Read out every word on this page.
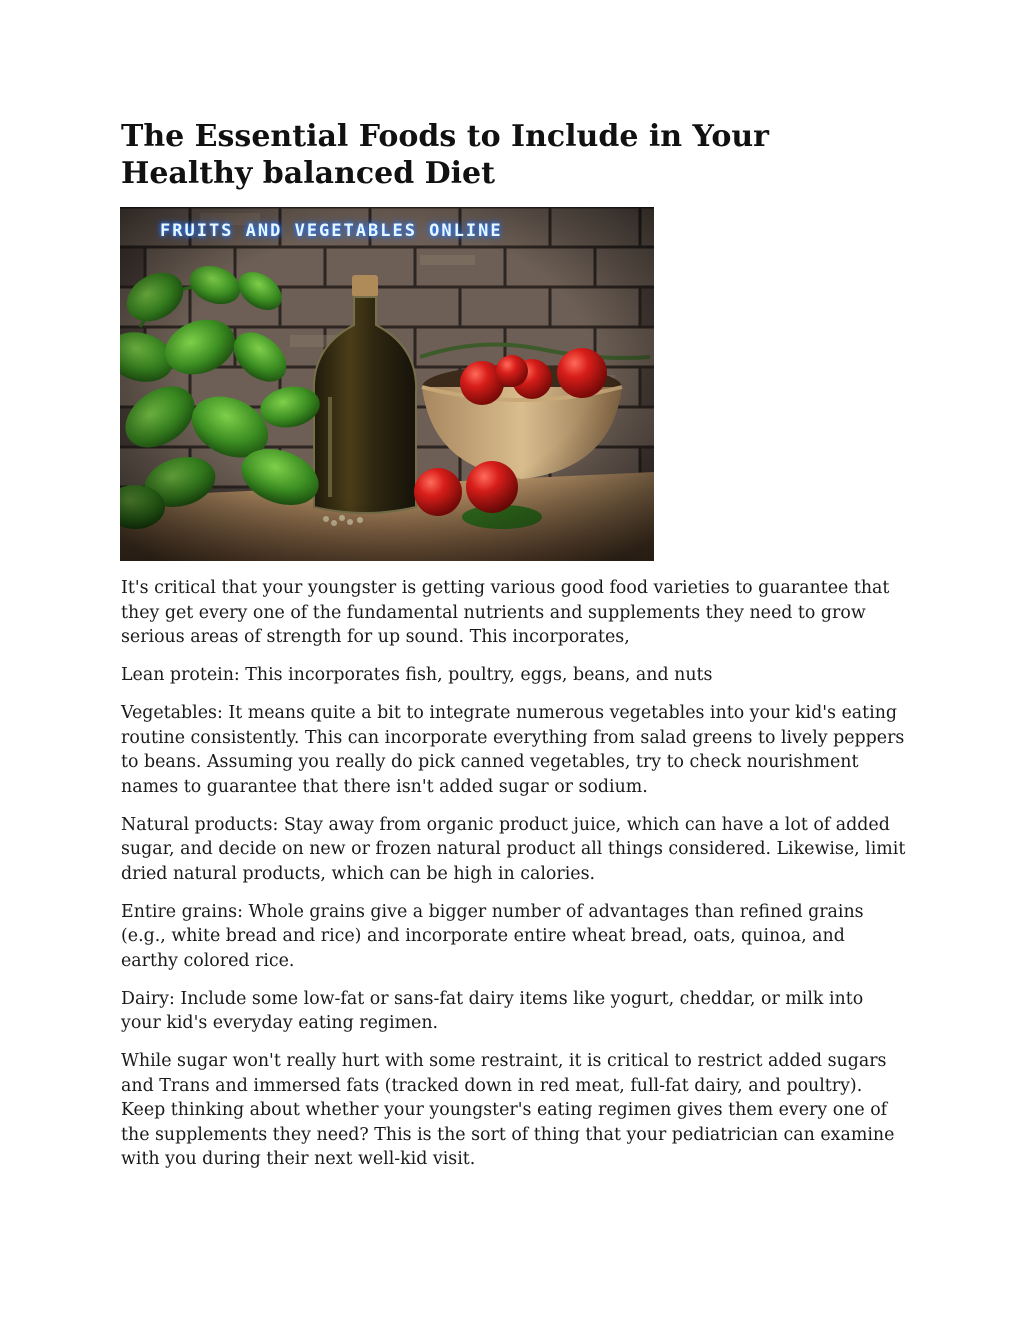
The Essential Foods to Include in Your Healthy balanced Diet
FRUITS AND VEGETABLES ONLINE

It's critical that your youngster is getting various good food varieties to guarantee that they get every one of the fundamental nutrients and supplements they need to grow serious areas of strength for up sound. This incorporates,

Lean protein: This incorporates fish, poultry, eggs, beans, and nuts

Vegetables: It means quite a bit to integrate numerous vegetables into your kid's eating routine consistently. This can incorporate everything from salad greens to lively peppers to beans. Assuming you really do pick canned vegetables, try to check nourishment names to guarantee that there isn't added sugar or sodium.

Natural products: Stay away from organic product juice, which can have a lot of added sugar, and decide on new or frozen natural product all things considered. Likewise, limit dried natural products, which can be high in calories.

Entire grains: Whole grains give a bigger number of advantages than refined grains (e.g., white bread and rice) and incorporate entire wheat bread, oats, quinoa, and earthy colored rice.

Dairy: Include some low-fat or sans-fat dairy items like yogurt, cheddar, or milk into your kid's everyday eating regimen.

While sugar won't really hurt with some restraint, it is critical to restrict added sugars and Trans and immersed fats (tracked down in red meat, full-fat dairy, and poultry). Keep thinking about whether your youngster's eating regimen gives them every one of the supplements they need? This is the sort of thing that your pediatrician can examine with you during their next well-kid visit.
